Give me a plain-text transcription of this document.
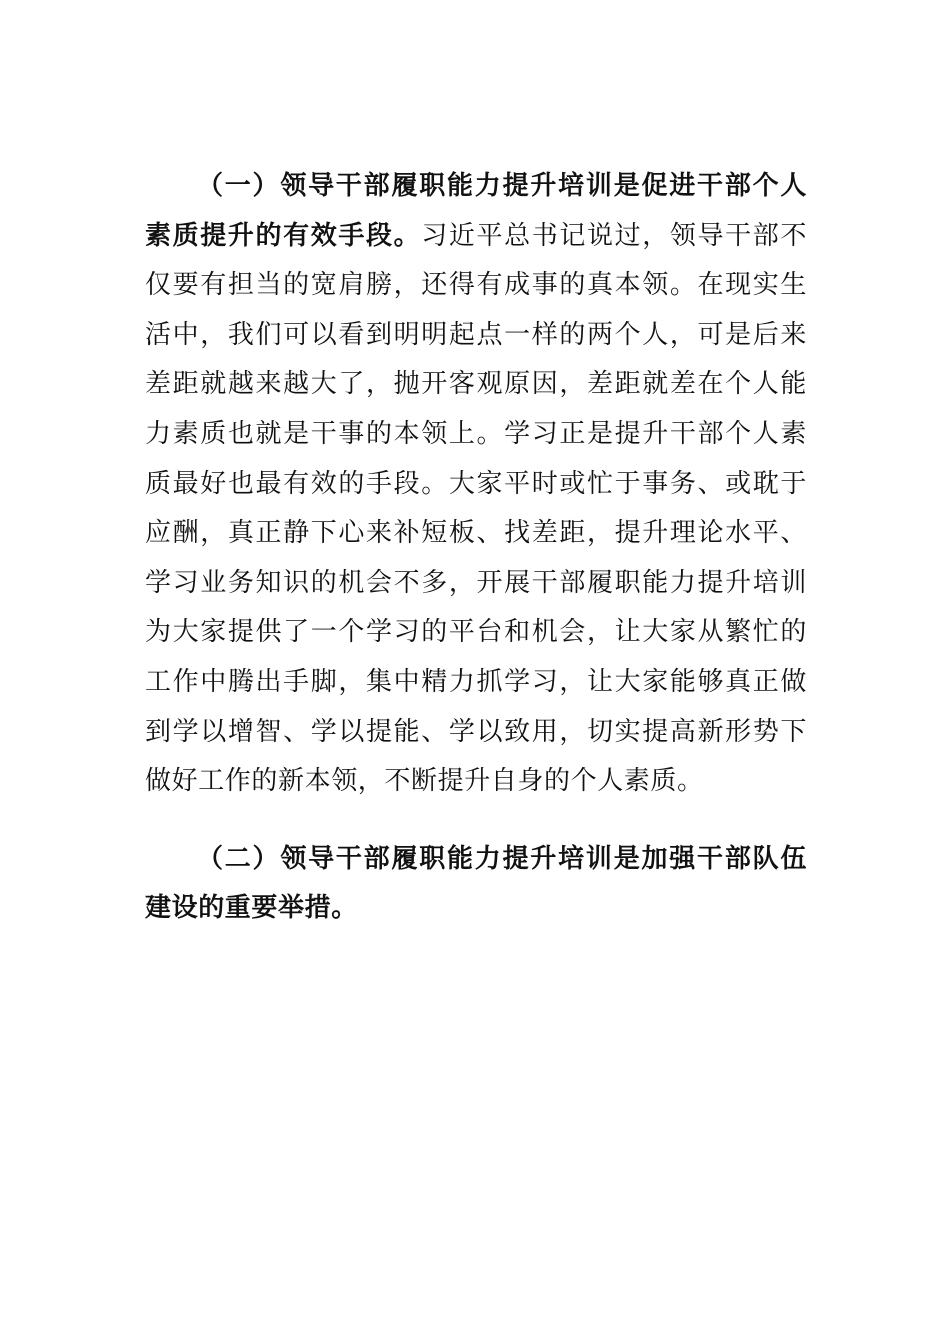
（一）领导干部履职能力提升培训是促进干部个人素质提升的有效手段。习近平总书记说过，领导干部不仅要有担当的宽肩膀，还得有成事的真本领。在现实生活中，我们可以看到明明起点一样的两个人，可是后来差距就越来越大了，抛开客观原因，差距就差在个人能力素质也就是干事的本领上。学习正是提升干部个人素质最好也最有效的手段。大家平时或忙于事务、或耽于应酬，真正静下心来补短板、找差距，提升理论水平、学习业务知识的机会不多，开展干部履职能力提升培训为大家提供了一个学习的平台和机会，让大家从繁忙的工作中腾出手脚，集中精力抓学习，让大家能够真正做到学以增智、学以提能、学以致用，切实提高新形势下做好工作的新本领，不断提升自身的个人素质。

（二）领导干部履职能力提升培训是加强干部队伍建设的重要举措。
